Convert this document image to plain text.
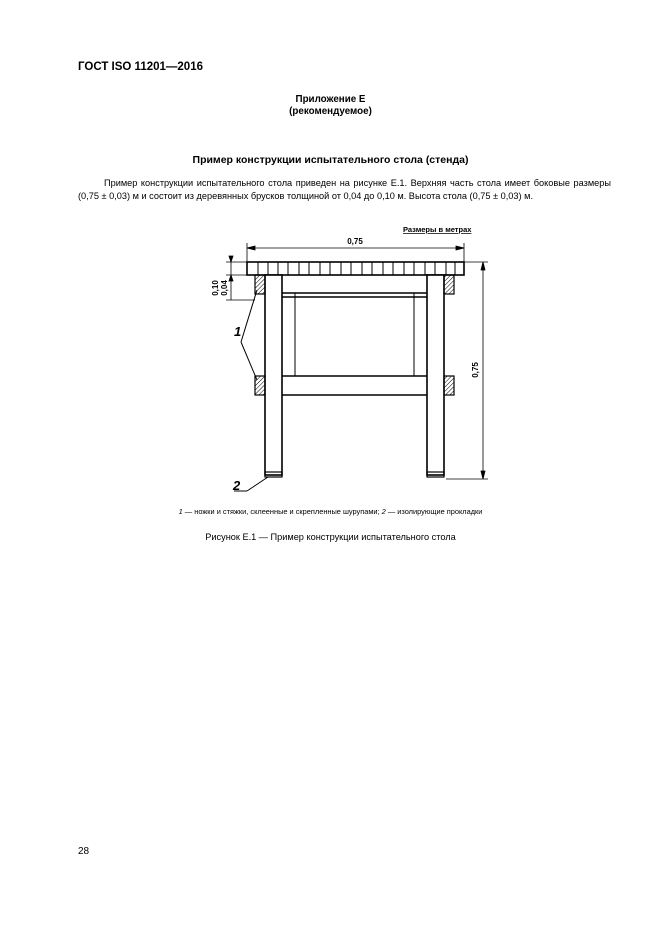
ГОСТ ISO 11201—2016
Приложение Е
(рекомендуемое)
Пример конструкции испытательного стола (стенда)
Пример конструкции испытательного стола приведен на рисунке Е.1. Верхняя часть стола имеет боковые размеры (0,75 ± 0,03) м и состоит из деревянных брусков толщиной от 0,04 до 0,10 м. Высота стола (0,75 ± 0,03) м.
Размеры в метрах
0,75
0,10 0,04
0,75
1
2
1 — ножки и стяжки, склеенные и скрепленные шурупами; 2 — изолирующие прокладки
Рисунок Е.1 — Пример конструкции испытательного стола
28
